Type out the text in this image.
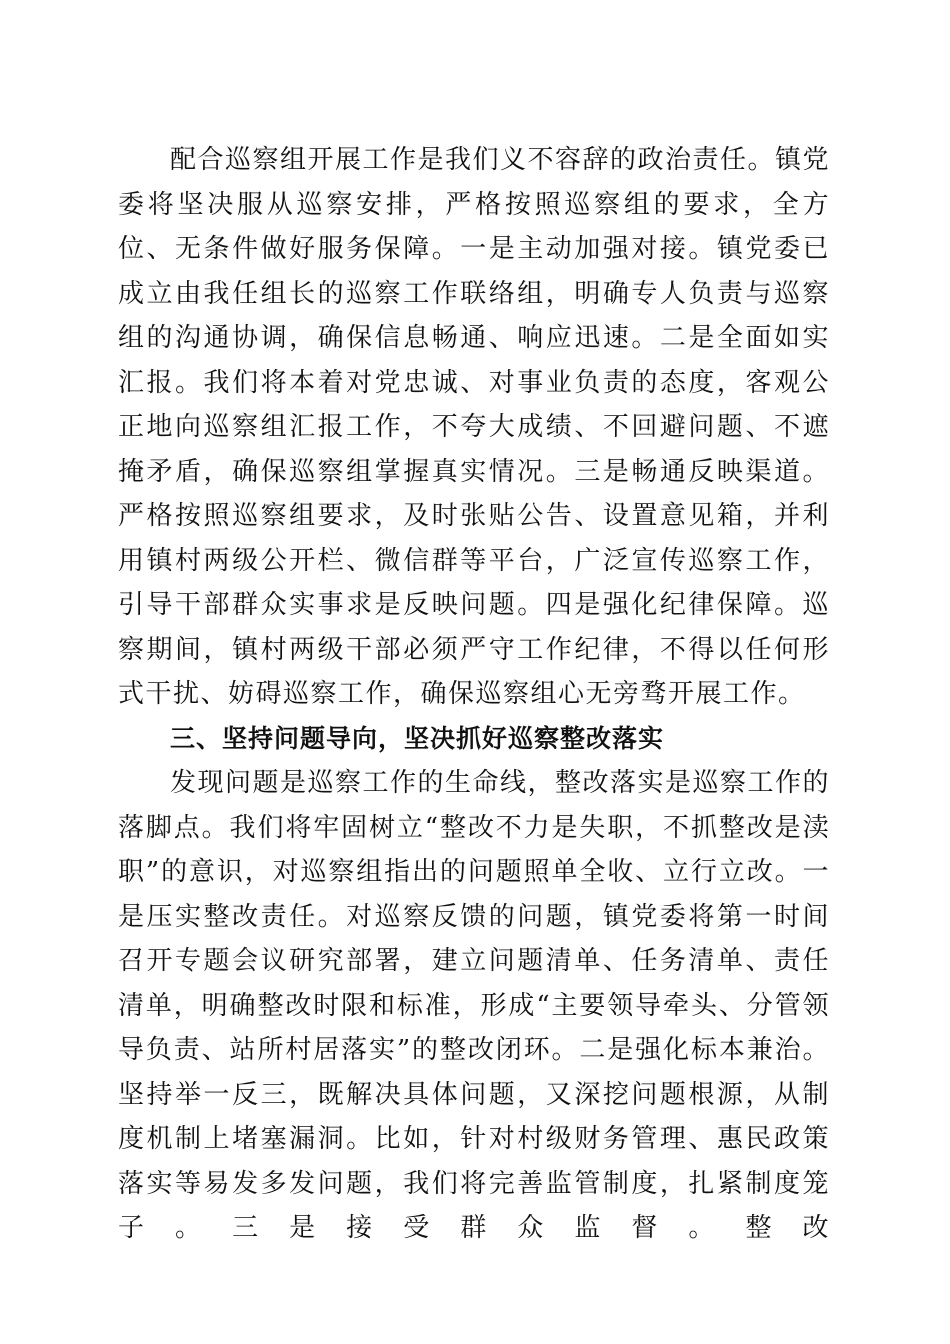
配合巡察组开展工作是我们义不容辞的政治责任。镇党委将坚决服从巡察安排，严格按照巡察组的要求，全方位、无条件做好服务保障。一是主动加强对接。镇党委已成立由我任组长的巡察工作联络组，明确专人负责与巡察组的沟通协调，确保信息畅通、响应迅速。二是全面如实汇报。我们将本着对党忠诚、对事业负责的态度，客观公正地向巡察组汇报工作，不夸大成绩、不回避问题、不遮掩矛盾，确保巡察组掌握真实情况。三是畅通反映渠道。严格按照巡察组要求，及时张贴公告、设置意见箱，并利用镇村两级公开栏、微信群等平台，广泛宣传巡察工作，引导干部群众实事求是反映问题。四是强化纪律保障。巡察期间，镇村两级干部必须严守工作纪律，不得以任何形式干扰、妨碍巡察工作，确保巡察组心无旁骛开展工作。

三、坚持问题导向，坚决抓好巡察整改落实

发现问题是巡察工作的生命线，整改落实是巡察工作的落脚点。我们将牢固树立“整改不力是失职，不抓整改是渎职”的意识，对巡察组指出的问题照单全收、立行立改。一是压实整改责任。对巡察反馈的问题，镇党委将第一时间召开专题会议研究部署，建立问题清单、任务清单、责任清单，明确整改时限和标准，形成“主要领导牵头、分管领导负责、站所村居落实”的整改闭环。二是强化标本兼治。坚持举一反三，既解决具体问题，又深挖问题根源，从制度机制上堵塞漏洞。比如，针对村级财务管理、惠民政策落实等易发多发问题，我们将完善监管制度，扎紧制度笼子。三是接受群众监督。整改
